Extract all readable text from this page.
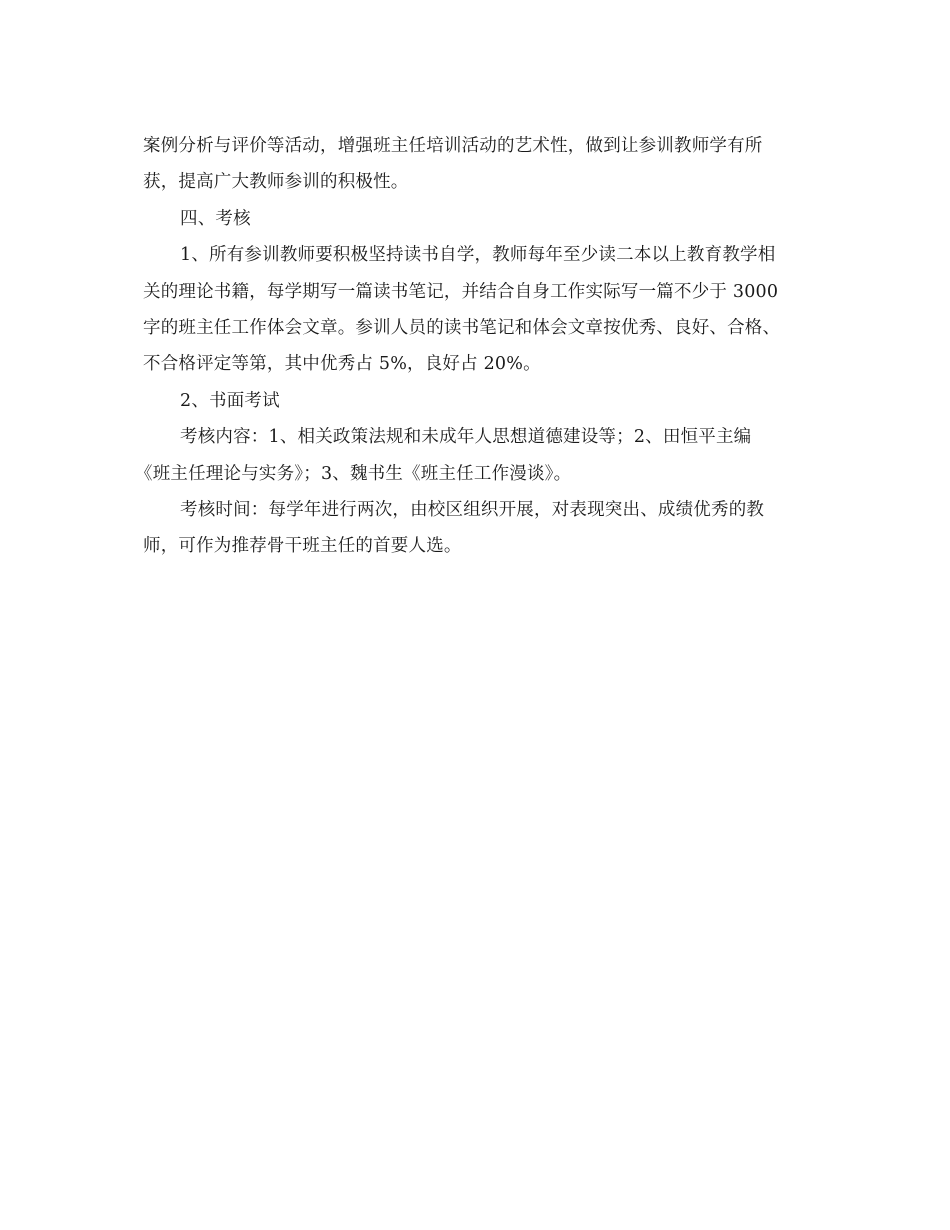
案例分析与评价等活动，增强班主任培训活动的艺术性，做到让参训教师学有所
获，提高广大教师参训的积极性。
四、考核
1、所有参训教师要积极坚持读书自学，教师每年至少读二本以上教育教学相
关的理论书籍，每学期写一篇读书笔记，并结合自身工作实际写一篇不少于 3000
字的班主任工作体会文章。参训人员的读书笔记和体会文章按优秀、良好、合格、
不合格评定等第，其中优秀占 5%，良好占 20%。
2、书面考试
考核内容：1、相关政策法规和未成年人思想道德建设等；2、田恒平主编
《班主任理论与实务》；3、魏书生《班主任工作漫谈》。
考核时间：每学年进行两次，由校区组织开展，对表现突出、成绩优秀的教
师，可作为推荐骨干班主任的首要人选。
